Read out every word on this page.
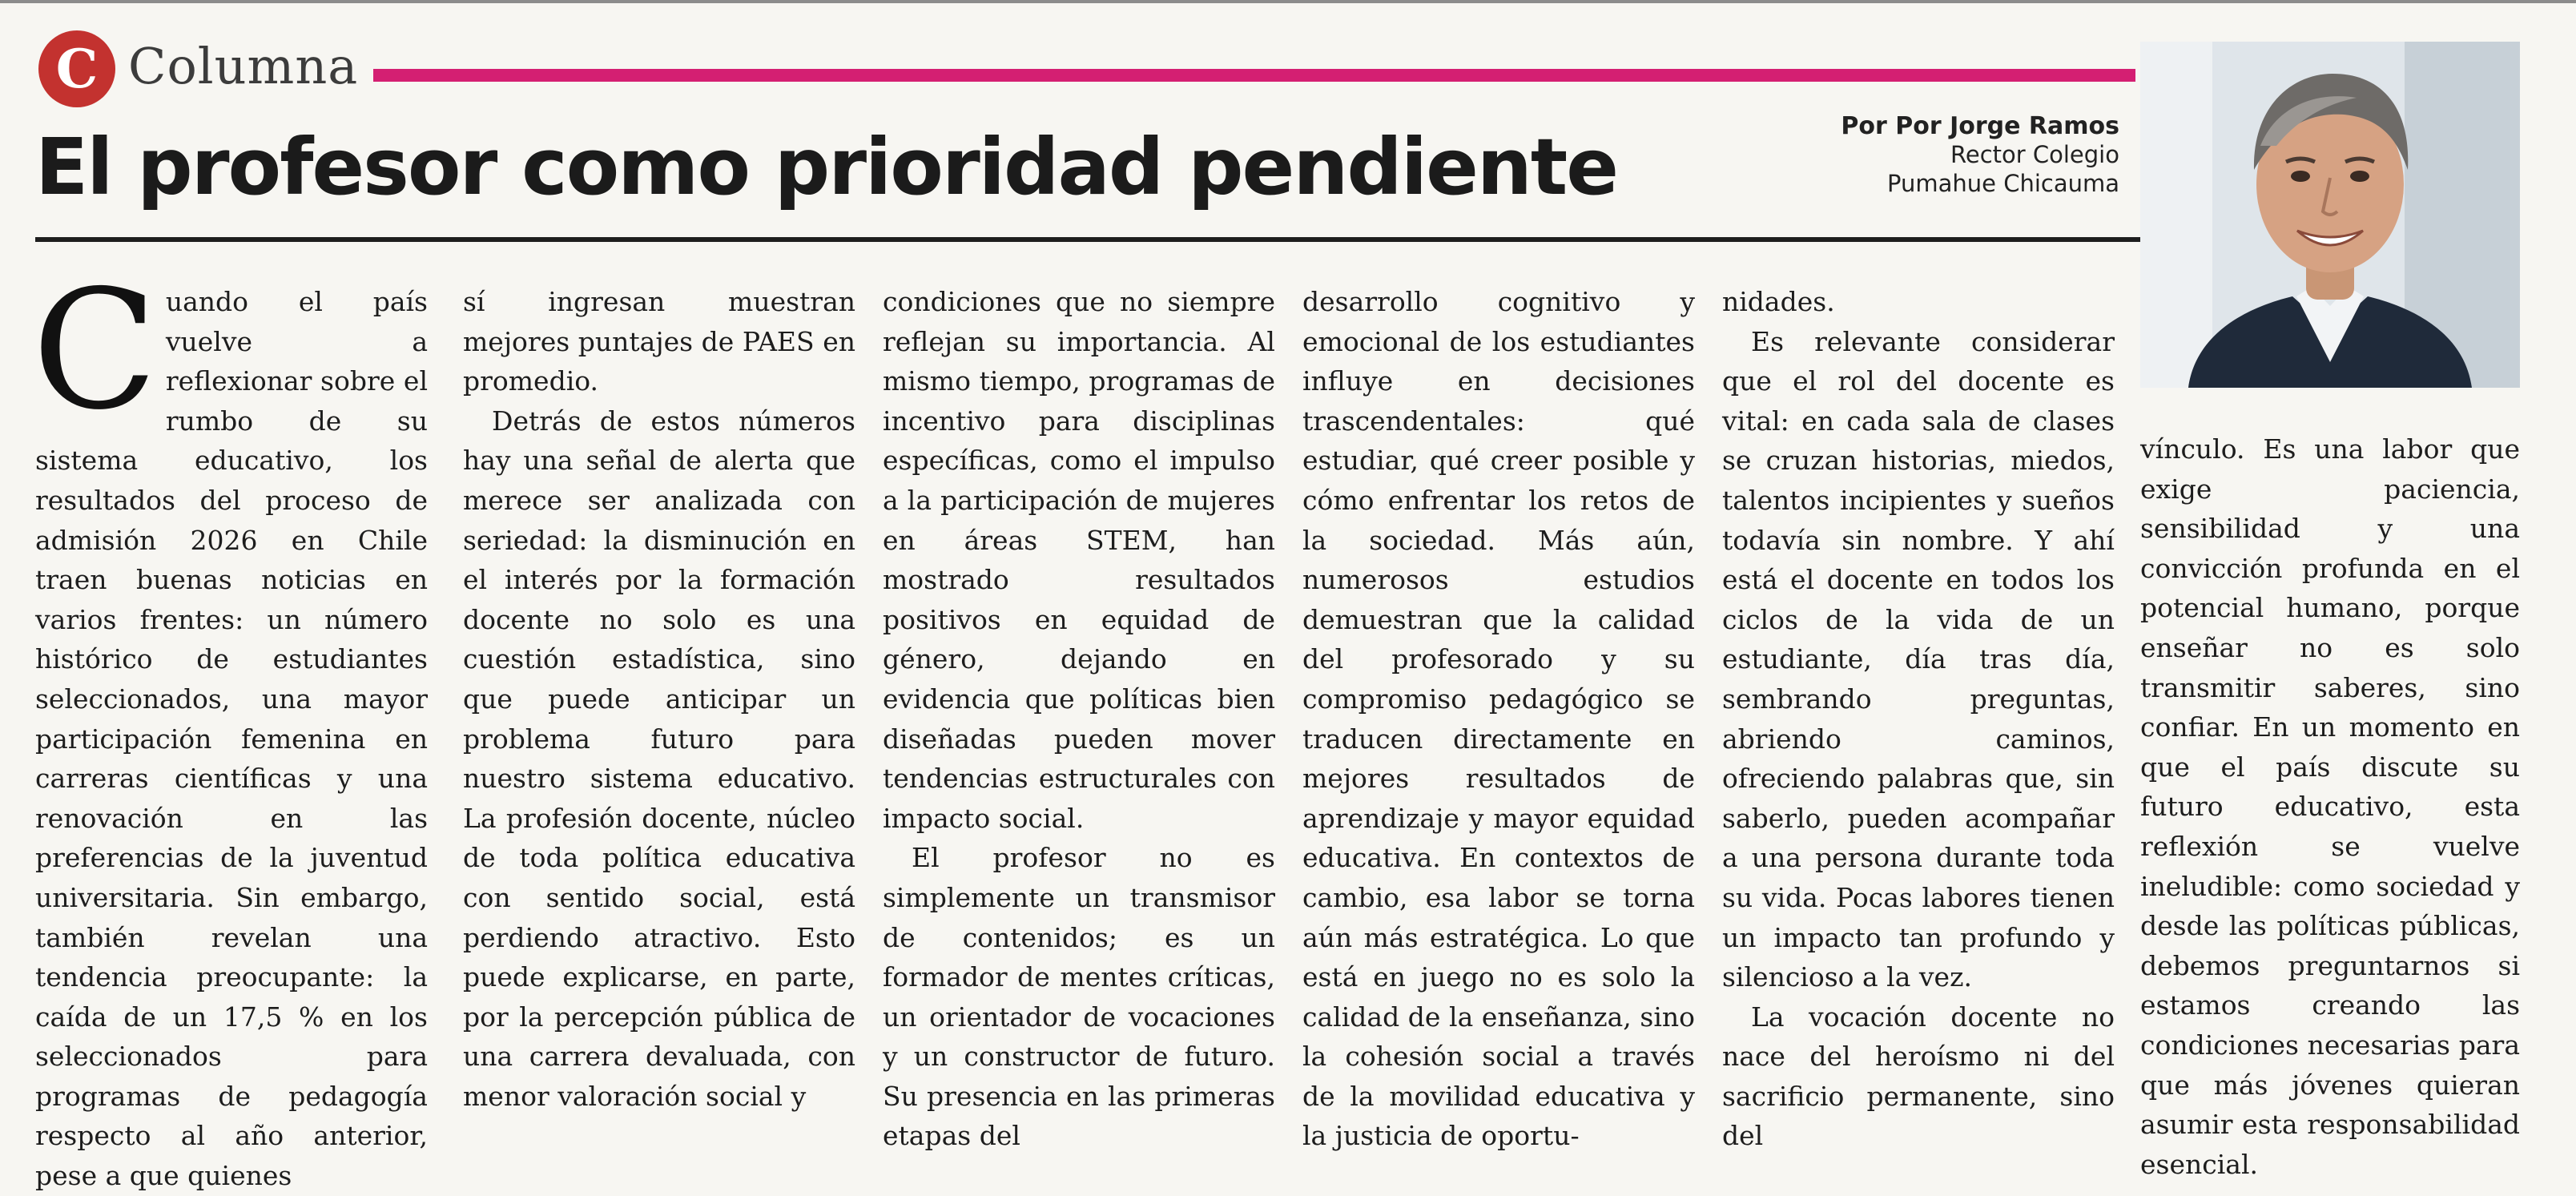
C Columna
El profesor como prioridad pendiente	Por Por Jorge Ramos
Rector Colegio
Pumahue Chicauma
C uando el país vuelve a reflexionar sobre el rumbo de su sistema educativo, los resultados del proceso de admisión 2026 en Chile traen buenas noticias en varios frentes: un número histórico de estudiantes seleccionados, una mayor participación femenina en carreras científicas y una renovación en las preferencias de la juventud universitaria. Sin embargo, también revelan una tendencia preocupante: la caída de un 17,5 % en los seleccionados para programas de pedagogía respecto al año anterior, pese a que quienes

sí ingresan muestran mejores puntajes de PAES en promedio.

Detrás de estos números hay una señal de alerta que merece ser analizada con seriedad: la disminución en el interés por la formación docente no solo es una cuestión estadística, sino que puede anticipar un problema futuro para nuestro sistema educativo. La profesión docente, núcleo de toda política educativa con sentido social, está perdiendo atractivo. Esto puede explicarse, en parte, por la percepción pública de una carrera devaluada, con menor valoración social y

condiciones que no siempre reflejan su importancia. Al mismo tiempo, programas de incentivo para disciplinas específicas, como el impulso a la participación de mujeres en áreas STEM, han mostrado resultados positivos en equidad de género, dejando en evidencia que políticas bien diseñadas pueden mover tendencias estructurales con impacto social.

El profesor no es simplemente un transmisor de contenidos; es un formador de mentes críticas, un orientador de vocaciones y un constructor de futuro. Su presencia en las primeras etapas del

desarrollo cognitivo y emocional de los estudiantes influye en decisiones trascendentales: qué estudiar, qué creer posible y cómo enfrentar los retos de la sociedad. Más aún, numerosos estudios demuestran que la calidad del profesorado y su compromiso pedagógico se traducen directamente en mejores resultados de aprendizaje y mayor equidad educativa. En contextos de cambio, esa labor se torna aún más estratégica. Lo que está en juego no es solo la calidad de la enseñanza, sino la cohesión social a través de la movilidad educativa y la justicia de oportu-

nidades.

Es relevante considerar que el rol del docente es vital: en cada sala de clases se cruzan historias, miedos, talentos incipientes y sueños todavía sin nombre. Y ahí está el docente en todos los ciclos de la vida de un estudiante, día tras día, sembrando preguntas, abriendo caminos, ofreciendo palabras que, sin saberlo, pueden acompañar a una persona durante toda su vida. Pocas labores tienen un impacto tan profundo y silencioso a la vez.

La vocación docente no nace del heroísmo ni del sacrificio permanente, sino del

vínculo. Es una labor que exige paciencia, sensibilidad y una convicción profunda en el potencial humano, porque enseñar no es solo transmitir saberes, sino confiar. En un momento en que el país discute su futuro educativo, esta reflexión se vuelve ineludible: como sociedad y desde las políticas públicas, debemos preguntarnos si estamos creando las condiciones necesarias para que más jóvenes quieran asumir esta responsabilidad esencial.
